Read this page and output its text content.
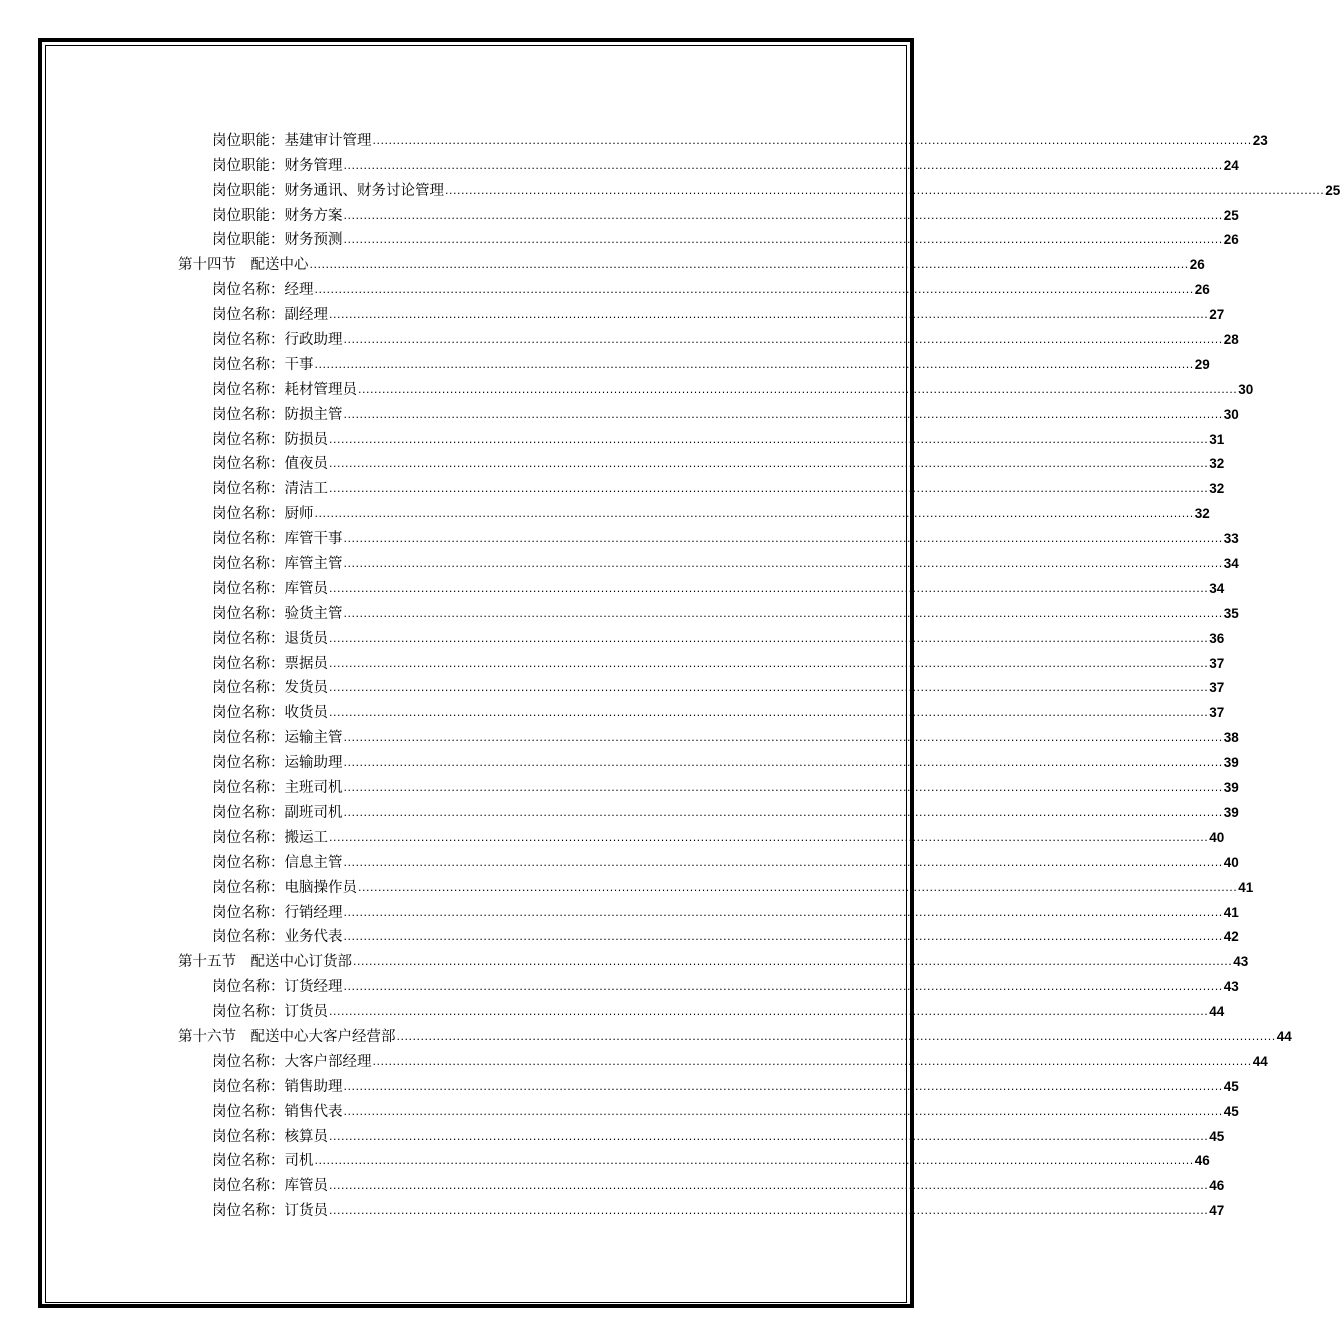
岗位职能：基建审计管理 ............................................................................................................................................................................................................................ 23
岗位职能：财务管理 ............................................................................................................................................................................................................................ 24
岗位职能：财务通讯、财务讨论管理 ............................................................................................................................................................................................................................ 25
岗位职能：财务方案 ............................................................................................................................................................................................................................ 25
岗位职能：财务预测 ............................................................................................................................................................................................................................ 26
第十四节　配送中心 ............................................................................................................................................................................................................................ 26
岗位名称：经理 ............................................................................................................................................................................................................................ 26
岗位名称：副经理 ............................................................................................................................................................................................................................ 27
岗位名称：行政助理 ............................................................................................................................................................................................................................ 28
岗位名称：干事 ............................................................................................................................................................................................................................ 29
岗位名称：耗材管理员 ............................................................................................................................................................................................................................ 30
岗位名称：防损主管 ............................................................................................................................................................................................................................ 30
岗位名称：防损员 ............................................................................................................................................................................................................................ 31
岗位名称：值夜员 ............................................................................................................................................................................................................................ 32
岗位名称：清洁工 ............................................................................................................................................................................................................................ 32
岗位名称：厨师 ............................................................................................................................................................................................................................ 32
岗位名称：库管干事 ............................................................................................................................................................................................................................ 33
岗位名称：库管主管 ............................................................................................................................................................................................................................ 34
岗位名称：库管员 ............................................................................................................................................................................................................................ 34
岗位名称：验货主管 ............................................................................................................................................................................................................................ 35
岗位名称：退货员 ............................................................................................................................................................................................................................ 36
岗位名称：票据员 ............................................................................................................................................................................................................................ 37
岗位名称：发货员 ............................................................................................................................................................................................................................ 37
岗位名称：收货员 ............................................................................................................................................................................................................................ 37
岗位名称：运输主管 ............................................................................................................................................................................................................................ 38
岗位名称：运输助理 ............................................................................................................................................................................................................................ 39
岗位名称：主班司机 ............................................................................................................................................................................................................................ 39
岗位名称：副班司机 ............................................................................................................................................................................................................................ 39
岗位名称：搬运工 ............................................................................................................................................................................................................................ 40
岗位名称：信息主管 ............................................................................................................................................................................................................................ 40
岗位名称：电脑操作员 ............................................................................................................................................................................................................................ 41
岗位名称：行销经理 ............................................................................................................................................................................................................................ 41
岗位名称：业务代表 ............................................................................................................................................................................................................................ 42
第十五节　配送中心订货部 ............................................................................................................................................................................................................................ 43
岗位名称：订货经理 ............................................................................................................................................................................................................................ 43
岗位名称：订货员 ............................................................................................................................................................................................................................ 44
第十六节　配送中心大客户经营部 ............................................................................................................................................................................................................................ 44
岗位名称：大客户部经理 ............................................................................................................................................................................................................................ 44
岗位名称：销售助理 ............................................................................................................................................................................................................................ 45
岗位名称：销售代表 ............................................................................................................................................................................................................................ 45
岗位名称：核算员 ............................................................................................................................................................................................................................ 45
岗位名称：司机 ............................................................................................................................................................................................................................ 46
岗位名称：库管员 ............................................................................................................................................................................................................................ 46
岗位名称：订货员 ............................................................................................................................................................................................................................ 47
